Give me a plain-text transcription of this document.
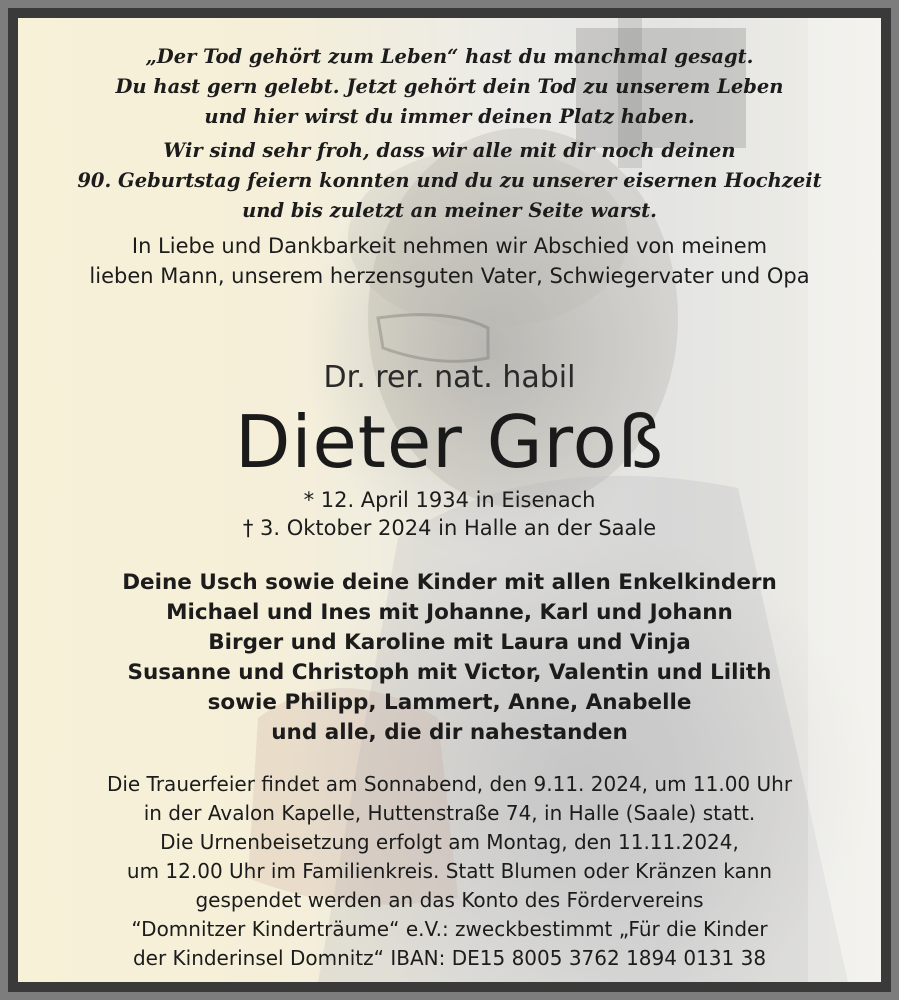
„Der Tod gehört zum Leben“ hast du manchmal gesagt.
Du hast gern gelebt. Jetzt gehört dein Tod zu unserem Leben
und hier wirst du immer deinen Platz haben.
Wir sind sehr froh, dass wir alle mit dir noch deinen
90. Geburtstag feiern konnten und du zu unserer eisernen Hochzeit
und bis zuletzt an meiner Seite warst.
In Liebe und Dankbarkeit nehmen wir Abschied von meinem
lieben Mann, unserem herzensguten Vater, Schwiegervater und Opa
Dr. rer. nat. habil
Dieter Groß
* 12. April 1934 in Eisenach
† 3. Oktober 2024 in Halle an der Saale
Deine Usch sowie deine Kinder mit allen Enkelkindern
Michael und Ines mit Johanne, Karl und Johann
Birger und Karoline mit Laura und Vinja
Susanne und Christoph mit Victor, Valentin und Lilith
sowie Philipp, Lammert, Anne, Anabelle
und alle, die dir nahestanden
Die Trauerfeier findet am Sonnabend, den 9.11. 2024, um 11.00 Uhr
in der Avalon Kapelle, Huttenstraße 74, in Halle (Saale) statt.
Die Urnenbeisetzung erfolgt am Montag, den 11.11.2024,
um 12.00 Uhr im Familienkreis. Statt Blumen oder Kränzen kann
gespendet werden an das Konto des Fördervereins
“Domnitzer Kinderträume“ e.V.: zweckbestimmt „Für die Kinder
der Kinderinsel Domnitz“ IBAN: DE15 8005 3762 1894 0131 38
